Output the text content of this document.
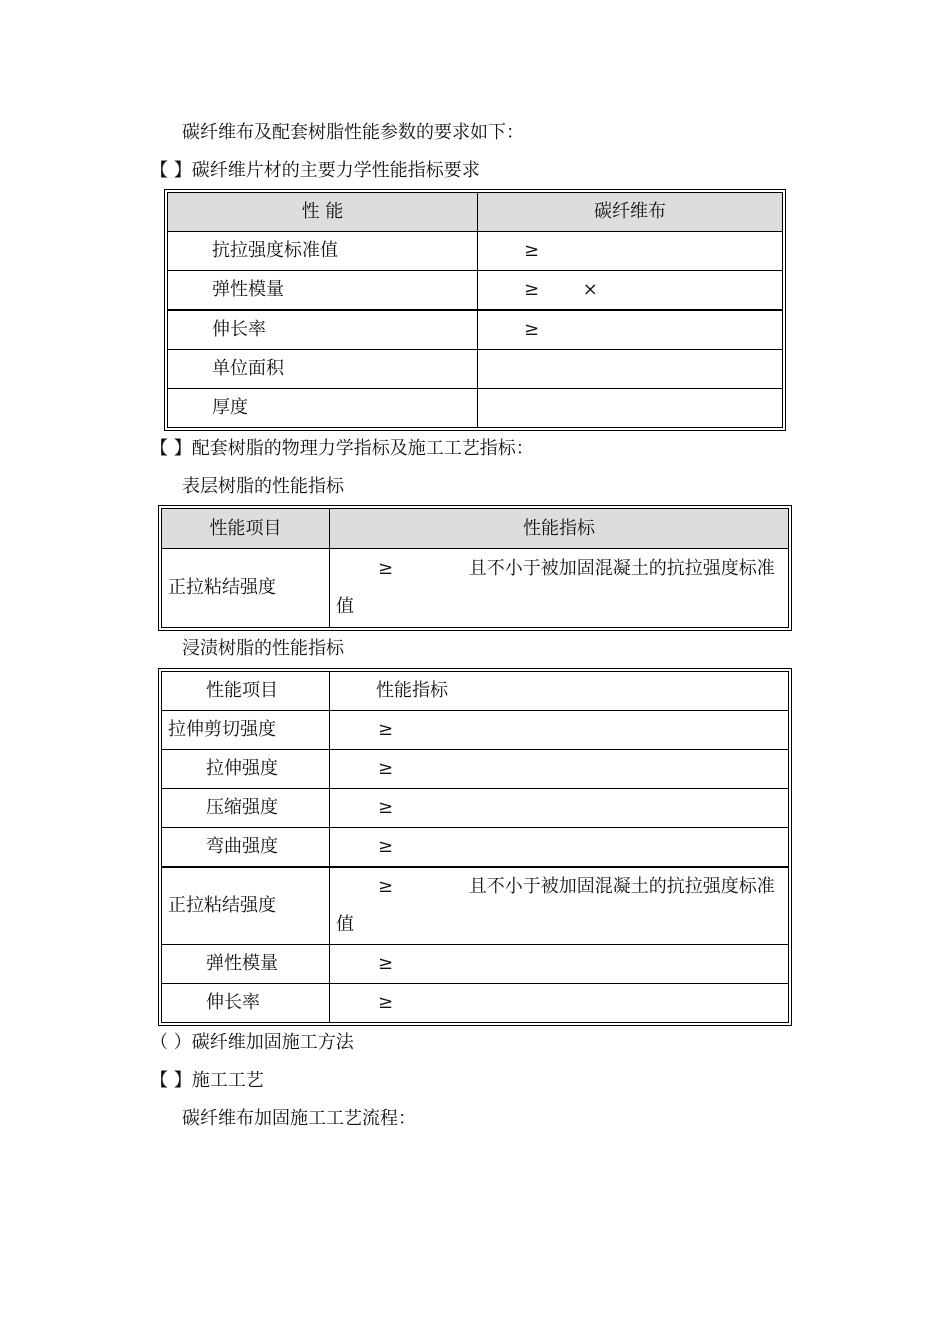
碳纤维布及配套树脂性能参数的要求如下：
【 】碳纤维片材的主要力学性能指标要求
性 能	碳纤维布
抗拉强度标准值	≥
弹性模量	≥ ×
伸长率	≥
单位面积	
厚度	
【 】配套树脂的物理力学指标及施工工艺指标：
表层树脂的性能指标
性能项目	性能指标
正拉粘结强度	≥ 且不小于被加固混凝土的抗拉强度标准值
浸渍树脂的性能指标
性能项目	性能指标
拉伸剪切强度	≥
拉伸强度	≥
压缩强度	≥
弯曲强度	≥
正拉粘结强度	≥ 且不小于被加固混凝土的抗拉强度标准值
弹性模量	≥
伸长率	≥
（ ）碳纤维加固施工方法
【 】施工工艺
碳纤维布加固施工工艺流程：
